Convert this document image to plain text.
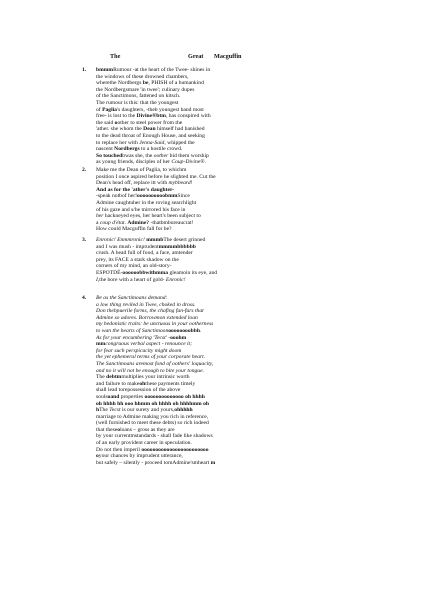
The	Great Macguffin
1. bmmmRumour -at the heart of the Twee- shines in
the windows of these drowned chambers,
wherethe Nordbergs be, PHISH of a humankind
the Nordbergsmare 'in twee'; culinary dupes
of the Sanctimons, fattened on kitsch.
The rumour is this: that the youngest
of Paglia's daughters, -theb youngest band most
free- is lost to the Divine®btm, has conspired with
the said oother to steel power from the
'ather. she whom the Dean himself had banished
to the dead throat of Enough House, and seeking
to replace her with Jenna-Said, whipped the
nascent Nordbergs to a hostile crowd.
So touchedbwas she, the oother bid them worship
as young friends, disciples of her Coup-Divine®.
2. Make me the Dean of Paglia, to whichm
position I once aspired before he slighted me. Cut the
Dean's head off, replace itt with mybbeard!
And as for the 'ather's daughter-
-speak notbof her!oooooooooobmmSince
Admine caughtuher in the roving searchlight
of his gaze and s/he mirrored his face in
her hackneyed eyes, her heart's been subject to
a coup d'état. Admine? -thatbmbureaucrat!
How could Macguffin fall for be?
3. Enronic! Enmmronic! mmmbThe desert grinned
and I was mush - imprudentmmmmbbbbbb
crush. A head full of food, a face, amtender
prey, its FACE a stark shadow on the
corners of my mind, an old-story-
ESPOTDÉ-oooooobbwithmma gleamoin its eye, and
I,the bore with a heart of gold- Enronic!
4. Be as the Sanctimoans demand:
a low thing reviled in Twee, choked in dross.
Don thebpuerile forms, the chafing fun-furs that
Admine so adores. Borrowmon extended loan
my hedonistic traits: be unctuous in your ootherness
to wan the hearts of Sanctimoonoooooooobbh.
As for your encumbering 'Tecst' -ooohm
mmcongruous verbal aspect - renounce it;
for fear such perspicacity might doom
the yet ephemeral terms of your corporate heart.
The Sanctimoans aremost fond of oothers' loquacity,
and no it will not be enough to bite your tongue.
The debtmmultiplies your intrinsic worth
and failure to makeohthese payments timely
shall lead torepossession of the above
soulsoand properties oooooooooooooo oh hhhh
oh hhhh hh ooo hhmm oh hhhh oh hhhhmm oh
hThe Tecst is our surety and yours,ohhhhh
marriage to Admine making you rich in reference,
(well furnished to meet these debts) so rich indeed
that theseoloans – gross as they are
by your currentmstandards - shall fade like shadows
of an early provident career in speculation.
Do not then imperil oooooooooooooooooooooooo
oyour chances by imprudent utterance,
but safely – silently - proceed tomAdmine'smheart m
